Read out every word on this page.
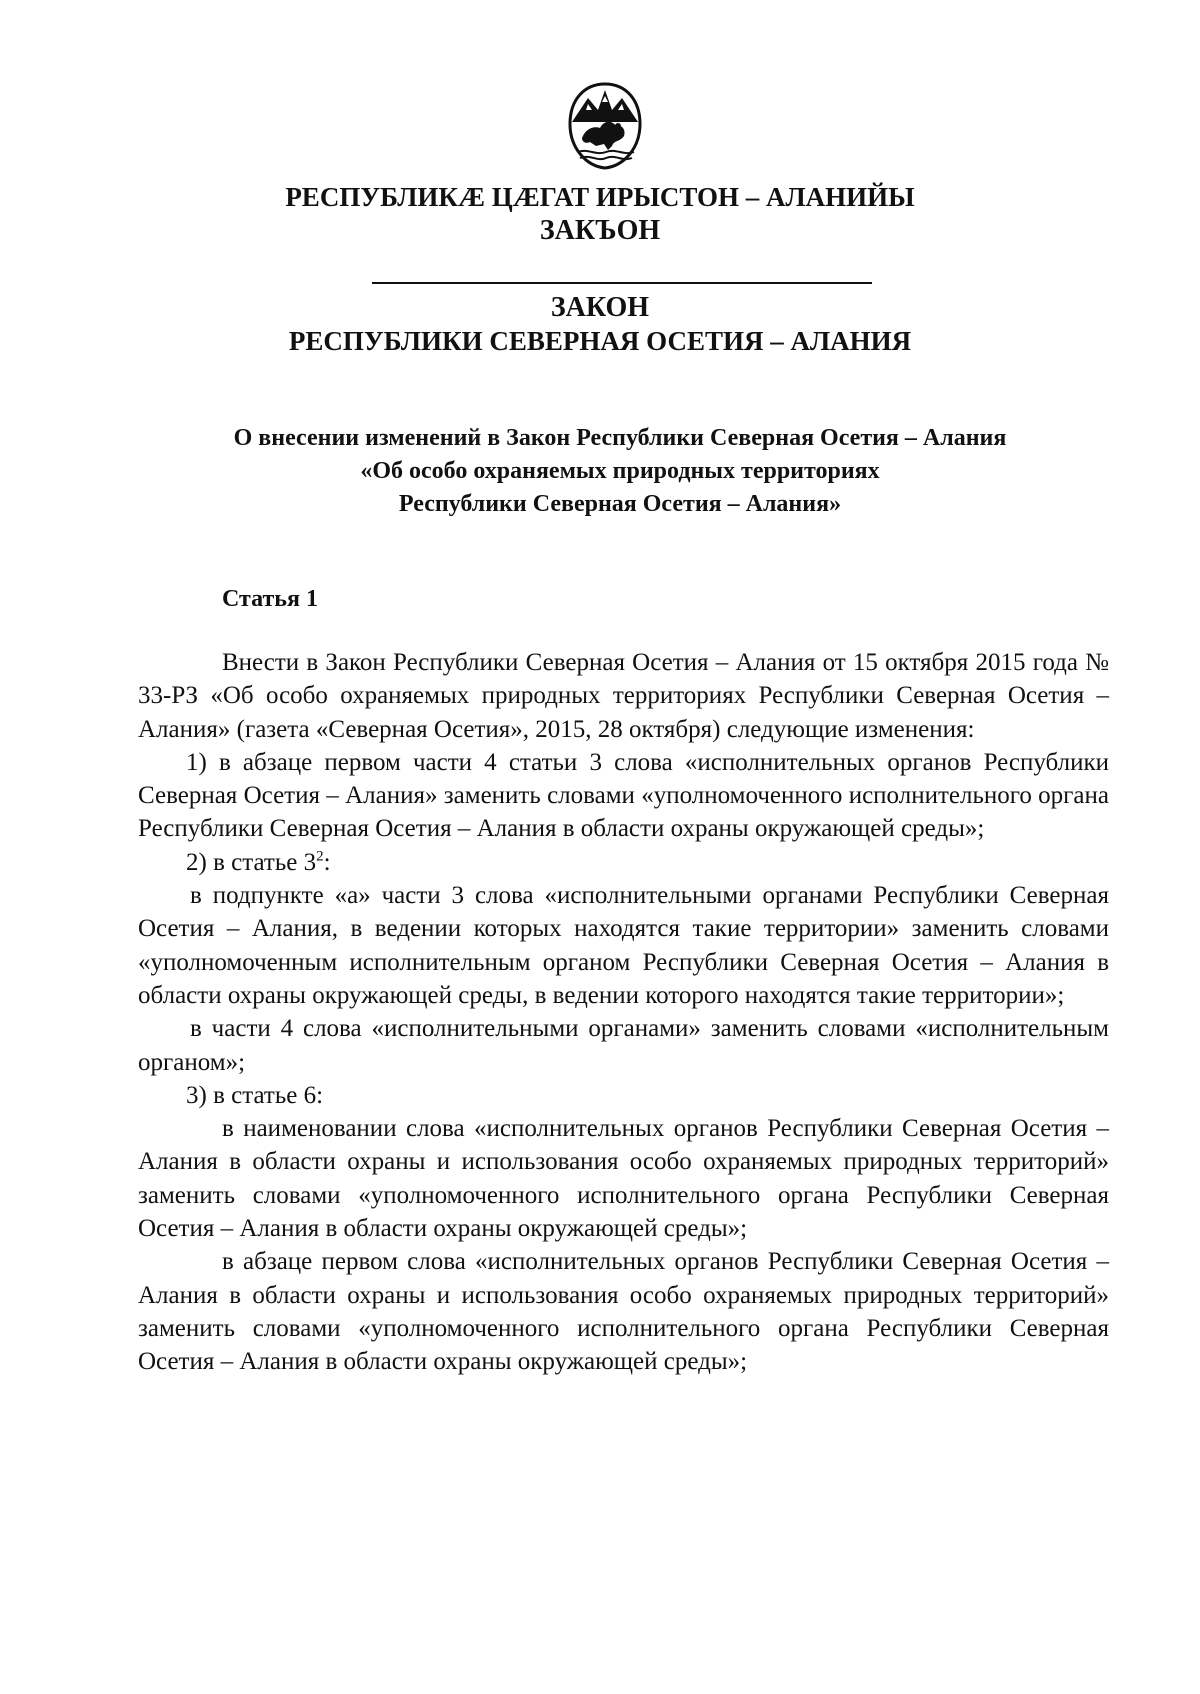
РЕСПУБЛИКÆ ЦÆГАТ ИРЫСТОН – АЛАНИЙЫ
ЗАКЪОН
ЗАКОН
РЕСПУБЛИКИ СЕВЕРНАЯ ОСЕТИЯ – АЛАНИЯ
О внесении изменений в Закон Республики Северная Осетия – Алания
«Об особо охраняемых природных территориях
Республики Северная Осетия – Алания»
Статья 1

Внести в Закон Республики Северная Осетия – Алания от 15 октября 2015 года № 33-РЗ «Об особо охраняемых природных территориях Республики Северная Осетия – Алания» (газета «Северная Осетия», 2015, 28 октября) следующие изменения:

1) в абзаце первом части 4 статьи 3 слова «исполнительных органов Республики Северная Осетия – Алания» заменить словами «уполномоченного исполнительного органа Республики Северная Осетия – Алания в области охраны окружающей среды»;

2) в статье $3^2$:

в подпункте «а» части 3 слова «исполнительными органами Республики Северная Осетия – Алания, в ведении которых находятся такие территории» заменить словами «уполномоченным исполнительным органом Республики Северная Осетия – Алания в области охраны окружающей среды, в ведении которого находятся такие территории»;

в части 4 слова «исполнительными органами» заменить словами «исполнительным органом»;

3) в статье 6:

в наименовании слова «исполнительных органов Республики Северная Осетия – Алания в области охраны и использования особо охраняемых природных территорий» заменить словами «уполномоченного исполнительного органа Республики Северная Осетия – Алания в области охраны окружающей среды»;

в абзаце первом слова «исполнительных органов Республики Северная Осетия – Алания в области охраны и использования особо охраняемых природных территорий» заменить словами «уполномоченного исполнительного органа Республики Северная Осетия – Алания в области охраны окружающей среды»;
